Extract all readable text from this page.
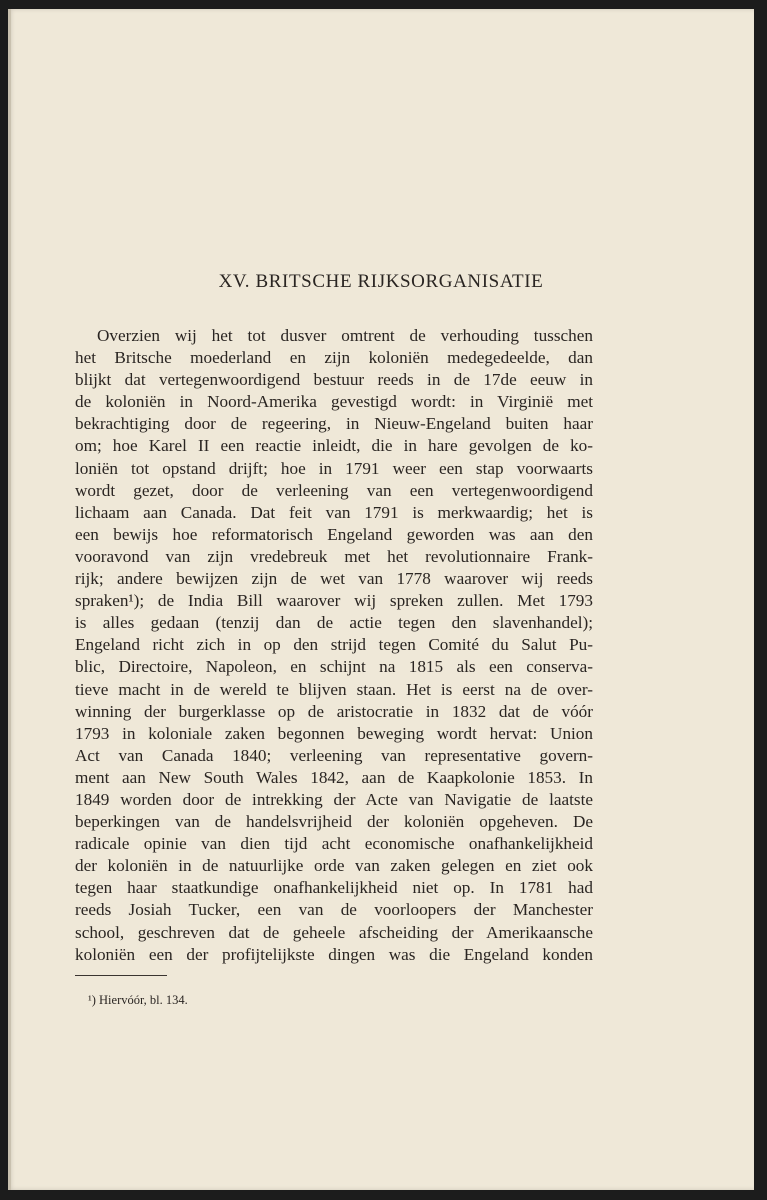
XV. BRITSCHE RIJKSORGANISATIE
Overzien wij het tot dusver omtrent de verhouding tusschen
het Britsche moederland en zijn koloniën medegedeelde, dan
blijkt dat vertegenwoordigend bestuur reeds in de 17de eeuw in
de koloniën in Noord-Amerika gevestigd wordt: in Virginië met
bekrachtiging door de regeering, in Nieuw-Engeland buiten haar
om; hoe Karel II een reactie inleidt, die in hare gevolgen de ko-
loniën tot opstand drijft; hoe in 1791 weer een stap voorwaarts
wordt gezet, door de verleening van een vertegenwoordigend
lichaam aan Canada. Dat feit van 1791 is merkwaardig; het is
een bewijs hoe reformatorisch Engeland geworden was aan den
vooravond van zijn vredebreuk met het revolutionnaire Frank-
rijk; andere bewijzen zijn de wet van 1778 waarover wij reeds
spraken¹); de India Bill waarover wij spreken zullen. Met 1793
is alles gedaan (tenzij dan de actie tegen den slavenhandel);
Engeland richt zich in op den strijd tegen Comité du Salut Pu-
blic, Directoire, Napoleon, en schijnt na 1815 als een conserva-
tieve macht in de wereld te blijven staan. Het is eerst na de over-
winning der burgerklasse op de aristocratie in 1832 dat de vóór
1793 in koloniale zaken begonnen beweging wordt hervat: Union
Act van Canada 1840; verleening van representative govern-
ment aan New South Wales 1842, aan de Kaapkolonie 1853. In
1849 worden door de intrekking der Acte van Navigatie de laatste
beperkingen van de handelsvrijheid der koloniën opgeheven. De
radicale opinie van dien tijd acht economische onafhankelijkheid
der koloniën in de natuurlijke orde van zaken gelegen en ziet ook
tegen haar staatkundige onafhankelijkheid niet op. In 1781 had
reeds Josiah Tucker, een van de voorloopers der Manchester
school, geschreven dat de geheele afscheiding der Amerikaansche
koloniën een der profijtelijkste dingen was die Engeland konden
¹) Hiervóór, bl. 134.
